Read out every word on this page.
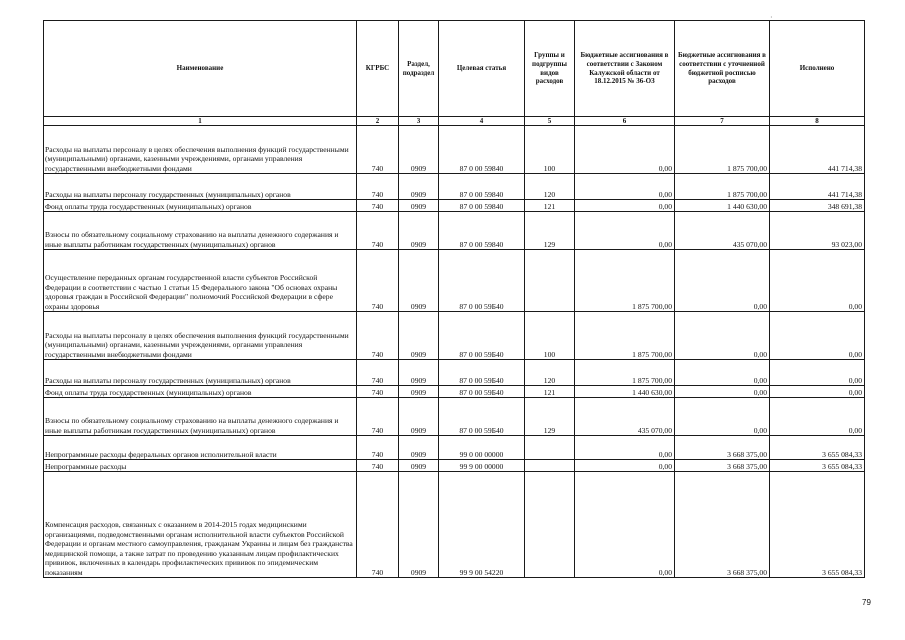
·
Наименование	КГРБС	Раздел, подраздел	Целевая статья	Группы и подгруппы видов расходов	Бюджетные ассигнования в соответствии с Законом Калужской области от 18.12.2015 № 36-ОЗ	Бюджетные ассигнования в соответствии с уточненной бюджетной росписью расходов	Исполнено
1	2	3	4	5	6	7	8
Расходы на выплаты персоналу в целях обеспечения выполнения функций государственными (муниципальными) органами, казенными учреждениями, органами управления государственными внебюджетными фондами	740	0909	87 0 00 59840	100	0,00	1 875 700,00	441 714,38
Расходы на выплаты персоналу государственных (муниципальных) органов	740	0909	87 0 00 59840	120	0,00	1 875 700,00	441 714,38
Фонд оплаты труда государственных (муниципальных) органов	740	0909	87 0 00 59840	121	0,00	1 440 630,00	348 691,38
Взносы по обязательному социальному страхованию на выплаты денежного содержания и иные выплаты работникам государственных (муниципальных) органов	740	0909	87 0 00 59840	129	0,00	435 070,00	93 023,00
Осуществление переданных органам государственной власти субъектов Российской Федерации в соответствии с частью 1 статьи 15 Федерального закона "Об основах охраны здоровья граждан в Российской Федерации" полномочий Российской Федерации в сфере охраны здоровья	740	0909	87 0 00 59Б40		1 875 700,00	0,00	0,00
Расходы на выплаты персоналу в целях обеспечения выполнения функций государственными (муниципальными) органами, казенными учреждениями, органами управления государственными внебюджетными фондами	740	0909	87 0 00 59Б40	100	1 875 700,00	0,00	0,00
Расходы на выплаты персоналу государственных (муниципальных) органов	740	0909	87 0 00 59Б40	120	1 875 700,00	0,00	0,00
Фонд оплаты труда государственных (муниципальных) органов	740	0909	87 0 00 59Б40	121	1 440 630,00	0,00	0,00
Взносы по обязательному социальному страхованию на выплаты денежного содержания и иные выплаты работникам государственных (муниципальных) органов	740	0909	87 0 00 59Б40	129	435 070,00	0,00	0,00
Непрограммные расходы федеральных органов исполнительной власти	740	0909	99 0 00 00000		0,00	3 668 375,00	3 655 084,33
Непрограммные расходы	740	0909	99 9 00 00000		0,00	3 668 375,00	3 655 084,33
Компенсация расходов, связанных с оказанием в 2014-2015 годах медицинскими организациями, подведомственными органам исполнительной власти субъектов Российской Федерации и органам местного самоуправления, гражданам Украины и лицам без гражданства медицинской помощи, а также затрат по проведению указанным лицам профилактических прививок, включенных в календарь профилактических прививок по эпидемическим показаниям	740	0909	99 9 00 54220		0,00	3 668 375,00	3 655 084,33
79
